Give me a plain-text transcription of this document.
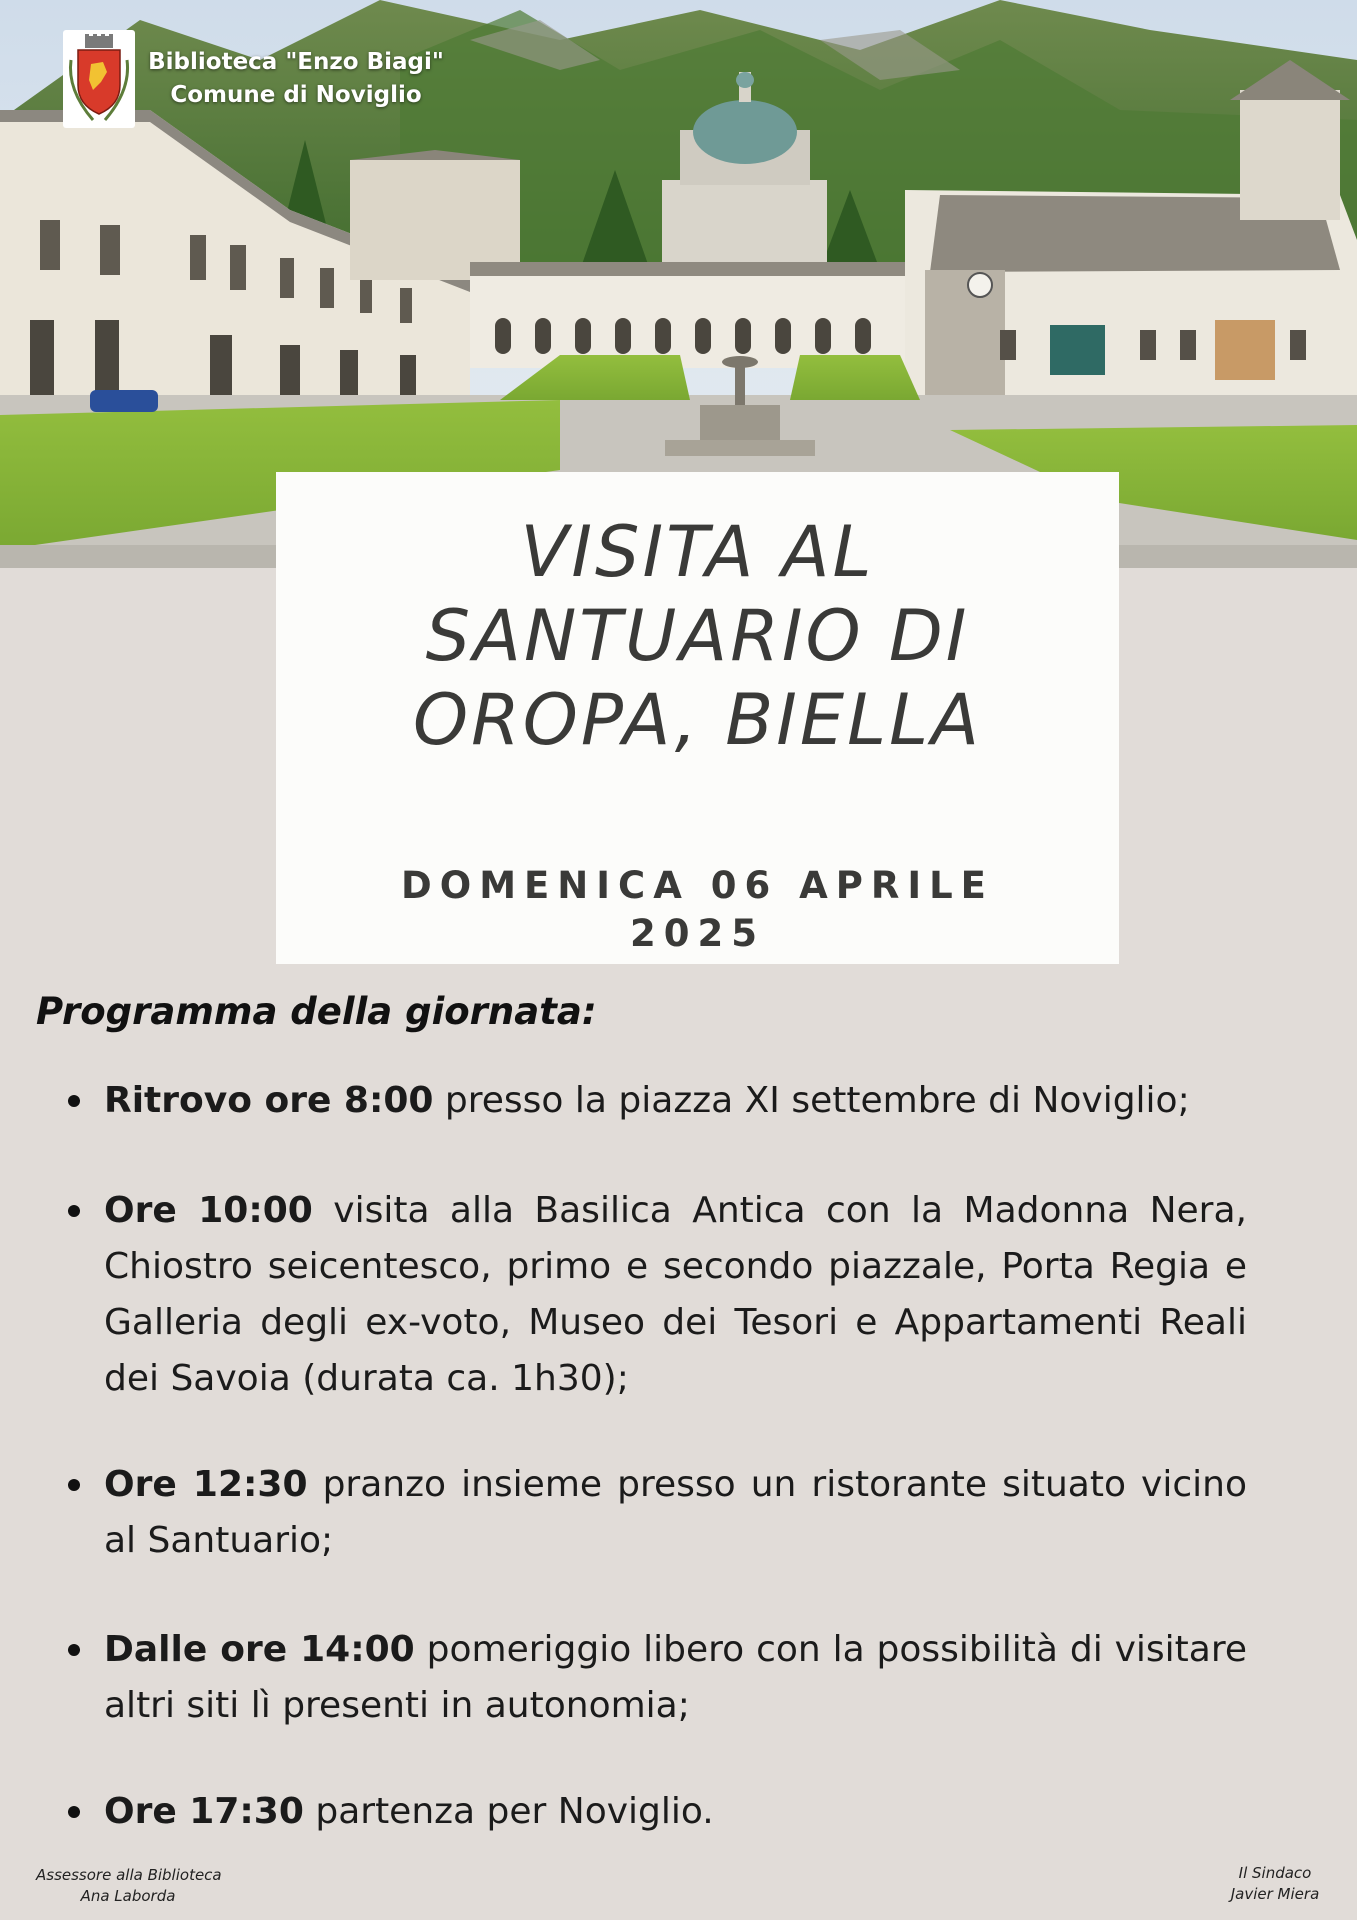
Biblioteca "Enzo Biagi"
Comune di Noviglio
VISITA AL
SANTUARIO DI
OROPA, BIELLA
DOMENICA 06 APRILE
2025
Programma della giornata:
Ritrovo ore 8:00 presso la piazza XI settembre di Noviglio;
Ore 10:00 visita alla Basilica Antica con la Madonna Nera, Chiostro seicentesco, primo e secondo piazzale, Porta Regia e Galleria degli ex-voto, Museo dei Tesori e Appartamenti Reali dei Savoia (durata ca. 1h30);
Ore 12:30 pranzo insieme presso un ristorante situato vicino al Santuario;
Dalle ore 14:00 pomeriggio libero con la possibilità di visitare altri siti lì presenti in autonomia;
Ore 17:30 partenza per Noviglio.
Assessore alla Biblioteca
Ana Laborda
Il Sindaco
Javier Miera
